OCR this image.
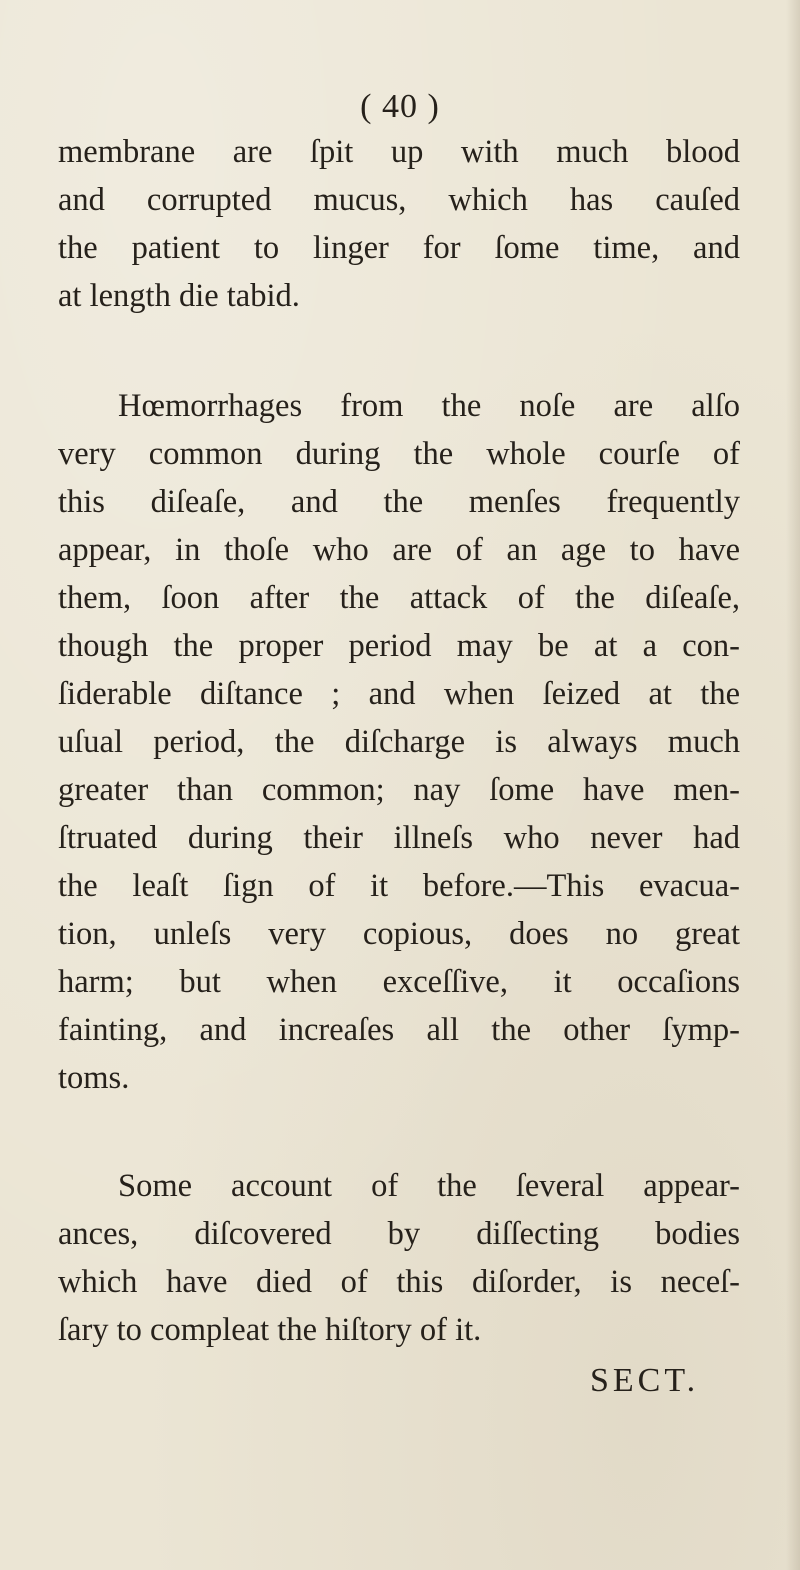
( 40 )
membrane are ſpit up with much blood
and corrupted mucus, which has cauſed
the patient to linger for ſome time, and
at length die tabid.
Hœmorrhages from the noſe are alſo
very common during the whole courſe of
this diſeaſe, and the menſes frequently
appear, in thoſe who are of an age to have
them, ſoon after the attack of the diſeaſe,
though the proper period may be at a con-
ſiderable diſtance ; and when ſeized at the
uſual period, the diſcharge is always much
greater than common; nay ſome have men-
ſtruated during their illneſs who never had
the leaſt ſign of it before.—This evacua-
tion, unleſs very copious, does no great
harm; but when exceſſive, it occaſions
fainting, and increaſes all the other ſymp-
toms.
Some account of the ſeveral appear-
ances, diſcovered by diſſecting bodies
which have died of this diſorder, is neceſ-
ſary to compleat the hiſtory of it.
SECT.
